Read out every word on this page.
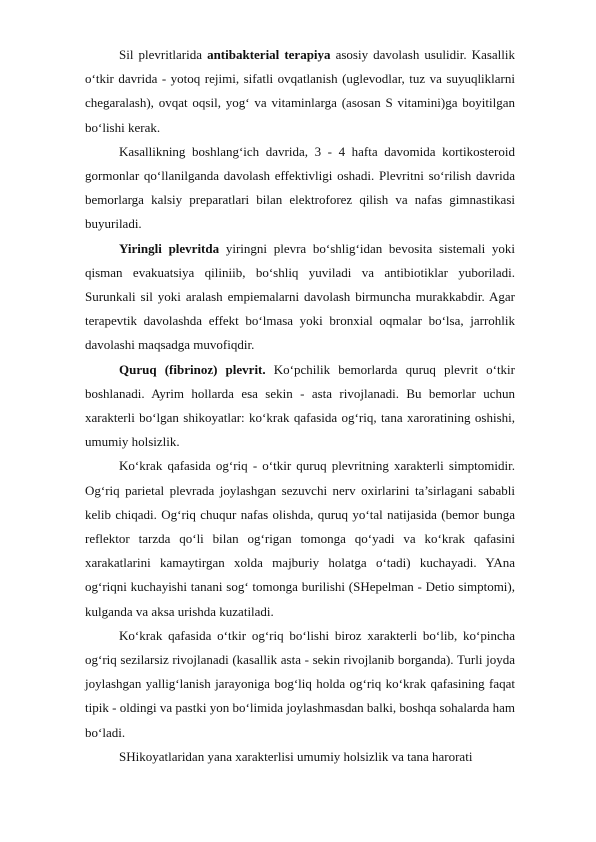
Sil plevritlarida antibakterial terapiya asosiy davolash usulidir. Kasallik o‘tkir davrida - yotoq rejimi, sifatli ovqatlanish (uglevodlar, tuz va suyuqliklarni chegaralash), ovqat oqsil, yog‘ va vitaminlarga (asosan S vitamini)ga boyitilgan bo‘lishi kerak.

Kasallikning boshlang‘ich davrida, 3 - 4 hafta davomida kortikosteroid gormonlar qo‘llanilganda davolash effektivligi oshadi. Plevritni so‘rilish davrida bemorlarga kalsiy preparatlari bilan elektroforez qilish va nafas gimnastikasi buyuriladi.

Yiringli plevritda yiringni plevra bo‘shlig‘idan bevosita sistemali yoki qisman evakuatsiya qiliniib, bo‘shliq yuviladi va antibiotiklar yuboriladi. Surunkali sil yoki aralash empiemalarni davolash birmuncha murakkabdir. Agar terapevtik davolashda effekt bo‘lmasa yoki bronxial oqmalar bo‘lsa, jarrohlik davolashi maqsadga muvofiqdir.

Quruq (fibrinoz) plevrit. Ko‘pchilik bemorlarda quruq plevrit o‘tkir boshlanadi. Ayrim hollarda esa sekin - asta rivojlanadi. Bu bemorlar uchun xarakterli bo‘lgan shikoyatlar: ko‘krak qafasida og‘riq, tana xaroratining oshishi, umumiy holsizlik.

Ko‘krak qafasida og‘riq - o‘tkir quruq plevritning xarakterli simptomidir. Og‘riq parietal plevrada joylashgan sezuvchi nerv oxirlarini ta’sirlagani sababli kelib chiqadi. Og‘riq chuqur nafas olishda, quruq yo‘tal natijasida (bemor bunga reflektor tarzda qo‘li bilan og‘rigan tomonga qo‘yadi va ko‘krak qafasini xarakatlarini kamaytirgan xolda majburiy holatga o‘tadi) kuchayadi. YAna og‘riqni kuchayishi tanani sog‘ tomonga burilishi (SHepelman - Detio simptomi), kulganda va aksa urishda kuzatiladi.

Ko‘krak qafasida o‘tkir og‘riq bo‘lishi biroz xarakterli bo‘lib, ko‘pincha og‘riq sezilarsiz rivojlanadi (kasallik asta - sekin rivojlanib borganda). Turli joyda joylashgan yallig‘lanish jarayoniga bog‘liq holda og‘riq ko‘krak qafasining faqat tipik - oldingi va pastki yon bo‘limida joylashmasdan balki, boshqa sohalarda ham bo‘ladi.

SHikoyatlaridan yana xarakterlisi umumiy holsizlik va tana harorati
